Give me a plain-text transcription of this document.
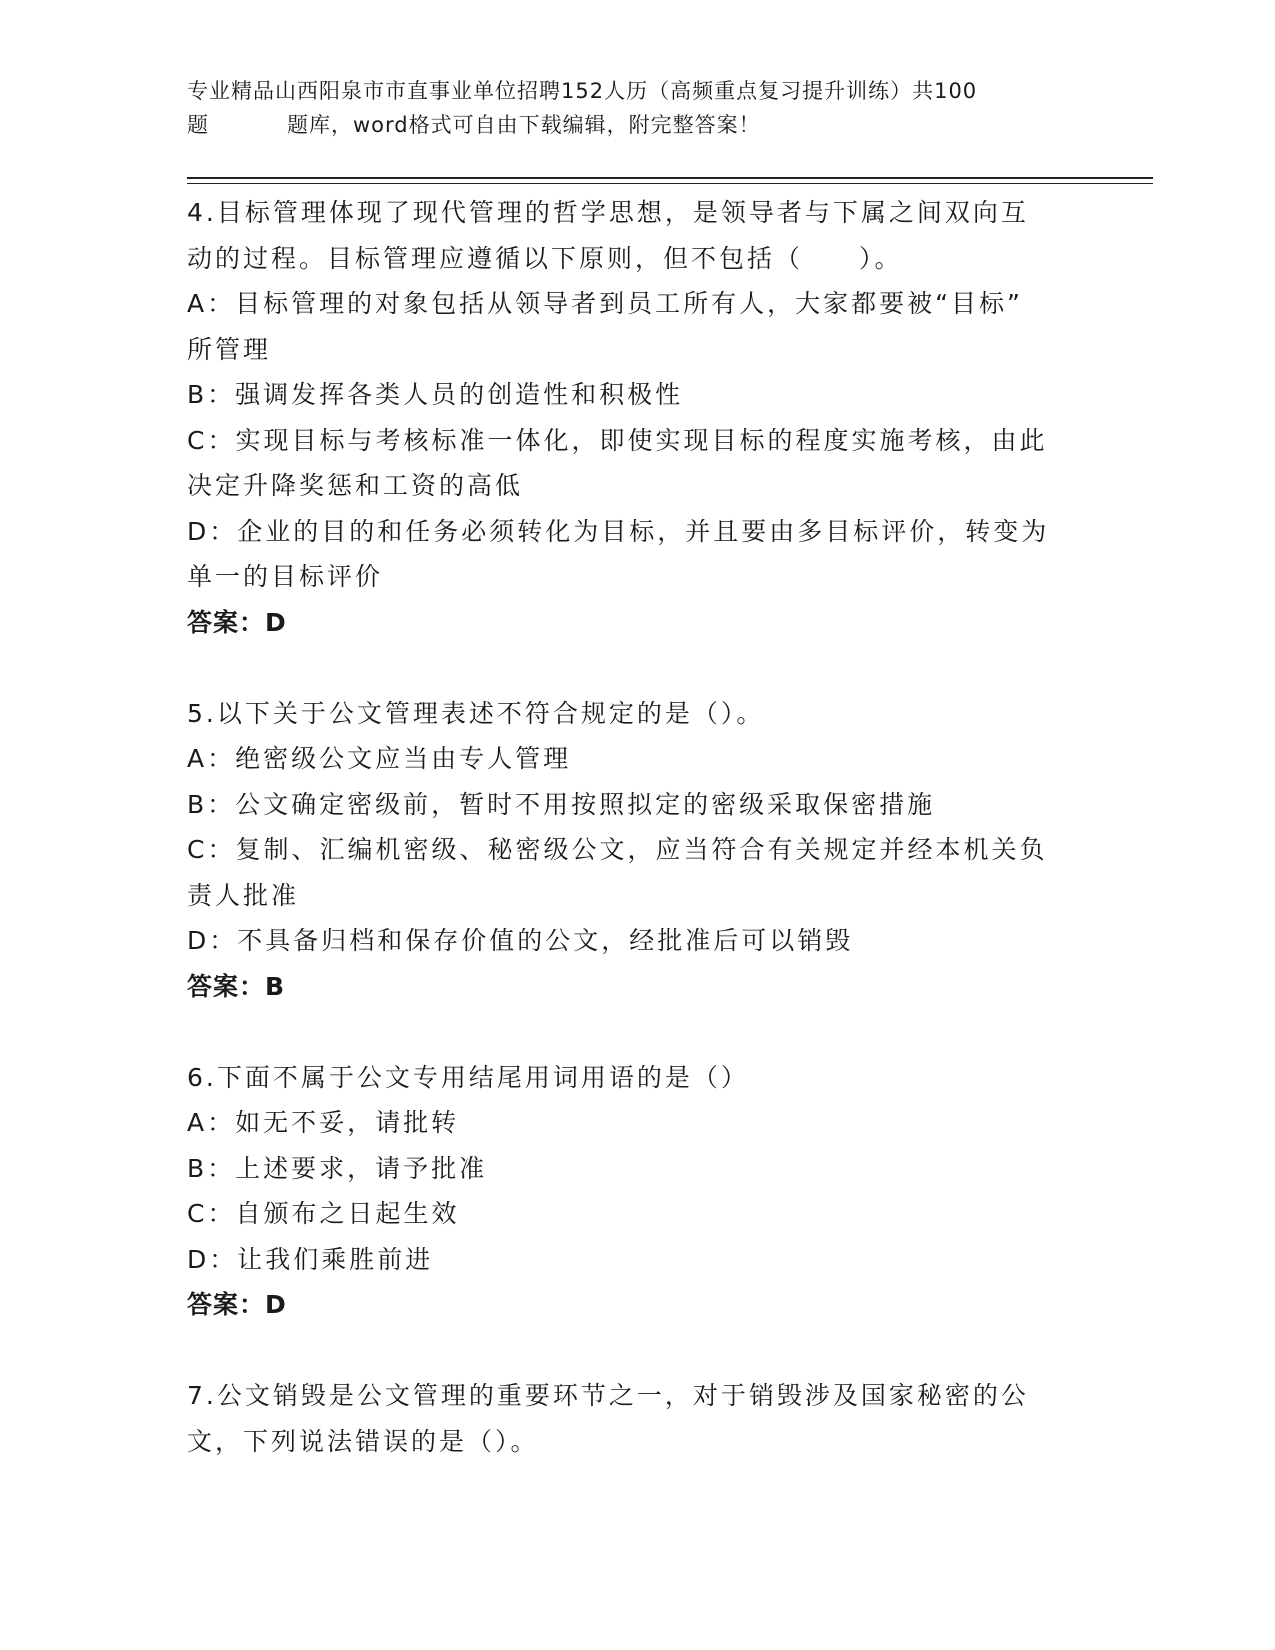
专业精品山西阳泉市市直事业单位招聘152人历（高频重点复习提升训练）共100
题	题库，word格式可自由下载编辑，附完整答案！

4.目标管理体现了现代管理的哲学思想，是领导者与下属之间双向互

动的过程。目标管理应遵循以下原则，但不包括（　　）。

A：目标管理的对象包括从领导者到员工所有人，大家都要被“目标”

所管理

B：强调发挥各类人员的创造性和积极性

C：实现目标与考核标准一体化，即使实现目标的程度实施考核，由此

决定升降奖惩和工资的高低

D：企业的目的和任务必须转化为目标，并且要由多目标评价，转变为

单一的目标评价

答案：D

5.以下关于公文管理表述不符合规定的是（）。

A：绝密级公文应当由专人管理

B：公文确定密级前，暂时不用按照拟定的密级采取保密措施

C：复制、汇编机密级、秘密级公文，应当符合有关规定并经本机关负

责人批准

D：不具备归档和保存价值的公文，经批准后可以销毁

答案：B

6.下面不属于公文专用结尾用词用语的是（）

A：如无不妥，请批转

B：上述要求，请予批准

C：自颁布之日起生效

D：让我们乘胜前进

答案：D

7.公文销毁是公文管理的重要环节之一，对于销毁涉及国家秘密的公

文，下列说法错误的是（）。
